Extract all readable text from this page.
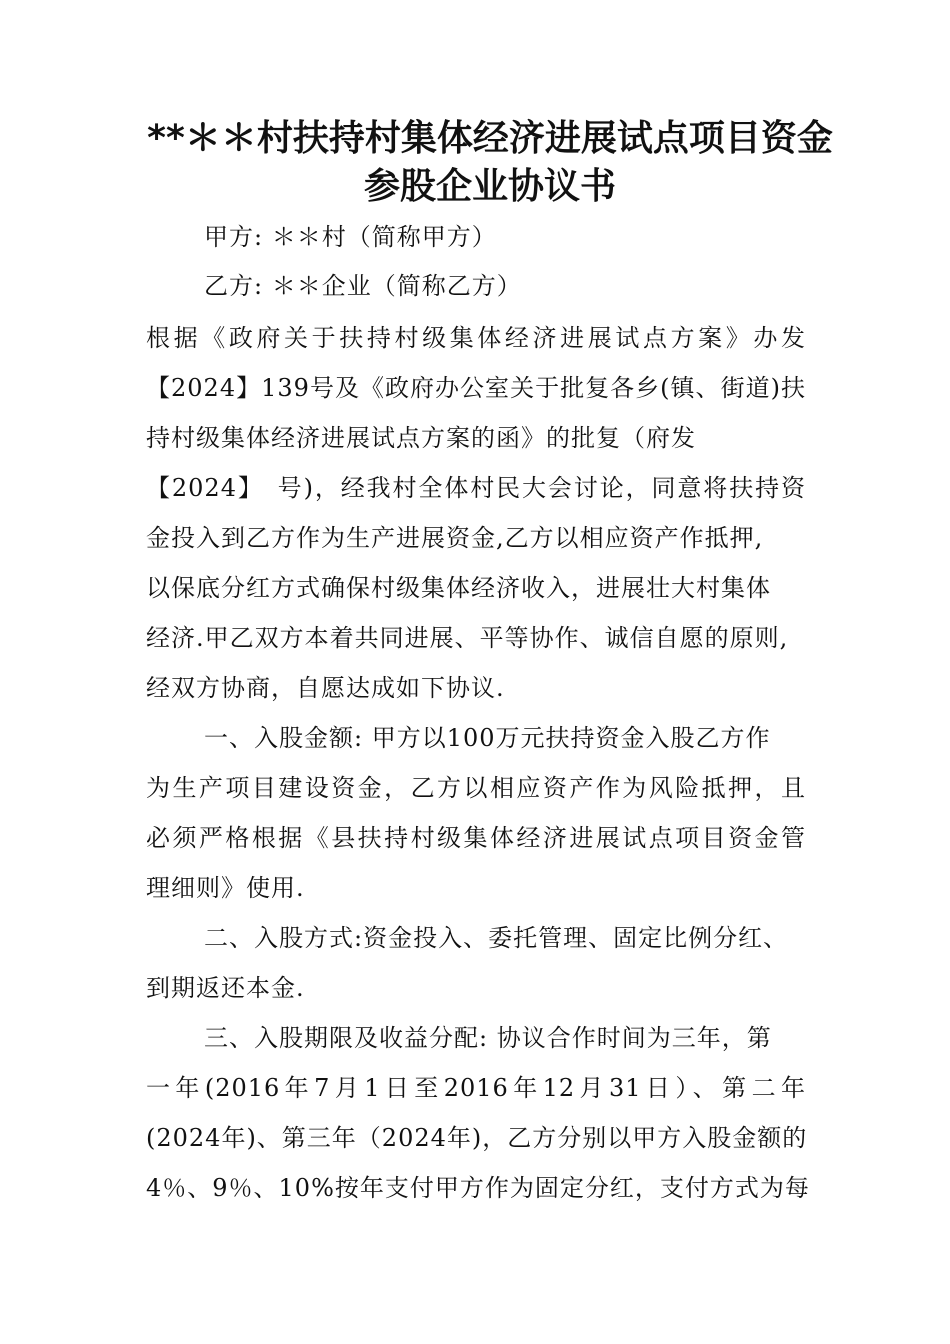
**＊＊村扶持村集体经济进展试点项目资金
参股企业协议书
甲方: ＊＊村（简称甲方）
乙方: ＊＊企业（简称乙方）
根据《政府关于扶持村级集体经济进展试点方案》办发
【2024】139号及《政府办公室关于批复各乡(镇、街道)扶
持村级集体经济进展试点方案的函》的批复（府发
【2024】　号)，经我村全体村民大会讨论，同意将扶持资
金投入到乙方作为生产进展资金,乙方以相应资产作抵押,
以保底分红方式确保村级集体经济收入，进展壮大村集体
经济.甲乙双方本着共同进展、平等协作、诚信自愿的原则,
经双方协商，自愿达成如下协议.
一、入股金额: 甲方以100万元扶持资金入股乙方作
为生产项目建设资金，乙方以相应资产作为风险抵押，且
必须严格根据《县扶持村级集体经济进展试点项目资金管
理细则》使用.
二、入股方式:资金投入、委托管理、固定比例分红、
到期返还本金.
三、入股期限及收益分配: 协议合作时间为三年，第
一年(2016年7月1日至2016年12月31日）、第二年
(2024年)、第三年（2024年)，乙方分别以甲方入股金额的
4％、9％、10%按年支付甲方作为固定分红，支付方式为每
